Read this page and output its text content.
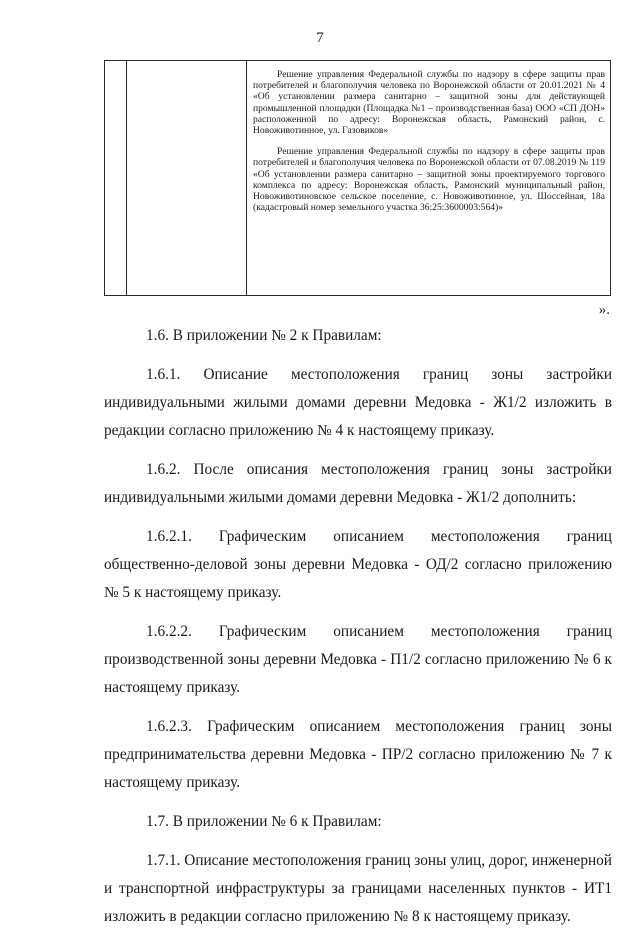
7

Решение управления Федеральной службы по надзору в сфере защиты прав потребителей и благополучия человека по Воронежской области от 20.01.2021 № 4 «Об установлении размера санитарно – защитной зоны для действующей промышленной площадки (Площадка №1 – производственная база) ООО «СП ДОН» расположенной по адресу: Воронежская область, Рамонский район, с. Новоживотинное, ул. Газовиков»

Решение управления Федеральной службы по надзору в сфере защиты прав потребителей и благополучия человека по Воронежской области от 07.08.2019 № 119 «Об установлении размера санитарно – защитной зоны проектируемого торгового комплекса по адресу: Воронежская область, Рамонский муниципальный район, Новоживотиновское сельское поселение, с. Новоживотинное, ул. Шоссейная, 18а (кадастровый номер земельного участка 36:25:3600003:564)»

».

1.6. В приложении № 2 к Правилам:

1.6.1. Описание местоположения границ зоны застройки индивидуальными жилыми домами деревни Медовка - Ж1/2 изложить в редакции согласно приложению № 4 к настоящему приказу.

1.6.2. После описания местоположения границ зоны застройки индивидуальными жилыми домами деревни Медовка - Ж1/2 дополнить:

1.6.2.1. Графическим описанием местоположения границ общественно-деловой зоны деревни Медовка - ОД/2 согласно приложению № 5 к настоящему приказу.

1.6.2.2. Графическим описанием местоположения границ производственной зоны деревни Медовка - П1/2 согласно приложению № 6 к настоящему приказу.

1.6.2.3. Графическим описанием местоположения границ зоны предпринимательства деревни Медовка - ПР/2 согласно приложению № 7 к настоящему приказу.

1.7. В приложении № 6 к Правилам:

1.7.1. Описание местоположения границ зоны улиц, дорог, инженерной и транспортной инфраструктуры за границами населенных пунктов - ИТ1 изложить в редакции согласно приложению № 8 к настоящему приказу.
